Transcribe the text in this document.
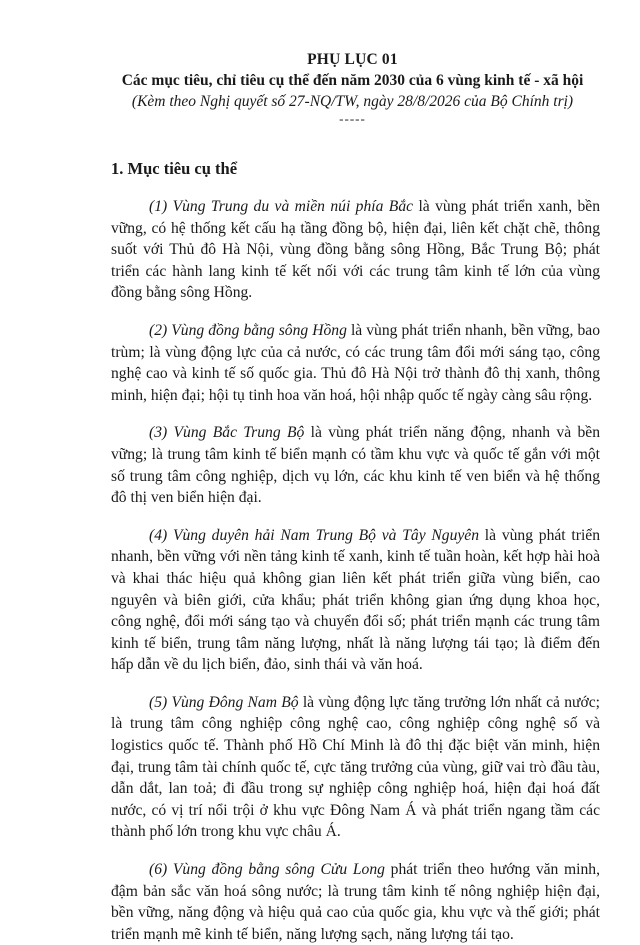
PHỤ LỤC 01
Các mục tiêu, chỉ tiêu cụ thể đến năm 2030 của 6 vùng kinh tế - xã hội
(Kèm theo Nghị quyết số 27-NQ/TW, ngày 28/8/2026 của Bộ Chính trị)
-----
1. Mục tiêu cụ thể

(1) Vùng Trung du và miền núi phía Bắc là vùng phát triển xanh, bền vững, có hệ thống kết cấu hạ tầng đồng bộ, hiện đại, liên kết chặt chẽ, thông suốt với Thủ đô Hà Nội, vùng đồng bằng sông Hồng, Bắc Trung Bộ; phát triển các hành lang kinh tế kết nối với các trung tâm kinh tế lớn của vùng đồng bằng sông Hồng.

(2) Vùng đồng bằng sông Hồng là vùng phát triển nhanh, bền vững, bao trùm; là vùng động lực của cả nước, có các trung tâm đổi mới sáng tạo, công nghệ cao và kinh tế số quốc gia. Thủ đô Hà Nội trở thành đô thị xanh, thông minh, hiện đại; hội tụ tinh hoa văn hoá, hội nhập quốc tế ngày càng sâu rộng.

(3) Vùng Bắc Trung Bộ là vùng phát triển năng động, nhanh và bền vững; là trung tâm kinh tế biển mạnh có tầm khu vực và quốc tế gắn với một số trung tâm công nghiệp, dịch vụ lớn, các khu kinh tế ven biển và hệ thống đô thị ven biển hiện đại.

(4) Vùng duyên hải Nam Trung Bộ và Tây Nguyên là vùng phát triển nhanh, bền vững với nền tảng kinh tế xanh, kinh tế tuần hoàn, kết hợp hài hoà và khai thác hiệu quả không gian liên kết phát triển giữa vùng biển, cao nguyên và biên giới, cửa khẩu; phát triển không gian ứng dụng khoa học, công nghệ, đổi mới sáng tạo và chuyển đổi số; phát triển mạnh các trung tâm kinh tế biển, trung tâm năng lượng, nhất là năng lượng tái tạo; là điểm đến hấp dẫn về du lịch biển, đảo, sinh thái và văn hoá.

(5) Vùng Đông Nam Bộ là vùng động lực tăng trưởng lớn nhất cả nước; là trung tâm công nghiệp công nghệ cao, công nghiệp công nghệ số và logistics quốc tế. Thành phố Hồ Chí Minh là đô thị đặc biệt văn minh, hiện đại, trung tâm tài chính quốc tế, cực tăng trưởng của vùng, giữ vai trò đầu tàu, dẫn dắt, lan toả; đi đầu trong sự nghiệp công nghiệp hoá, hiện đại hoá đất nước, có vị trí nổi trội ở khu vực Đông Nam Á và phát triển ngang tầm các thành phố lớn trong khu vực châu Á.

(6) Vùng đồng bằng sông Cửu Long phát triển theo hướng văn minh, đậm bản sắc văn hoá sông nước; là trung tâm kinh tế nông nghiệp hiện đại, bền vững, năng động và hiệu quả cao của quốc gia, khu vực và thế giới; phát triển mạnh mẽ kinh tế biển, năng lượng sạch, năng lượng tái tạo.
